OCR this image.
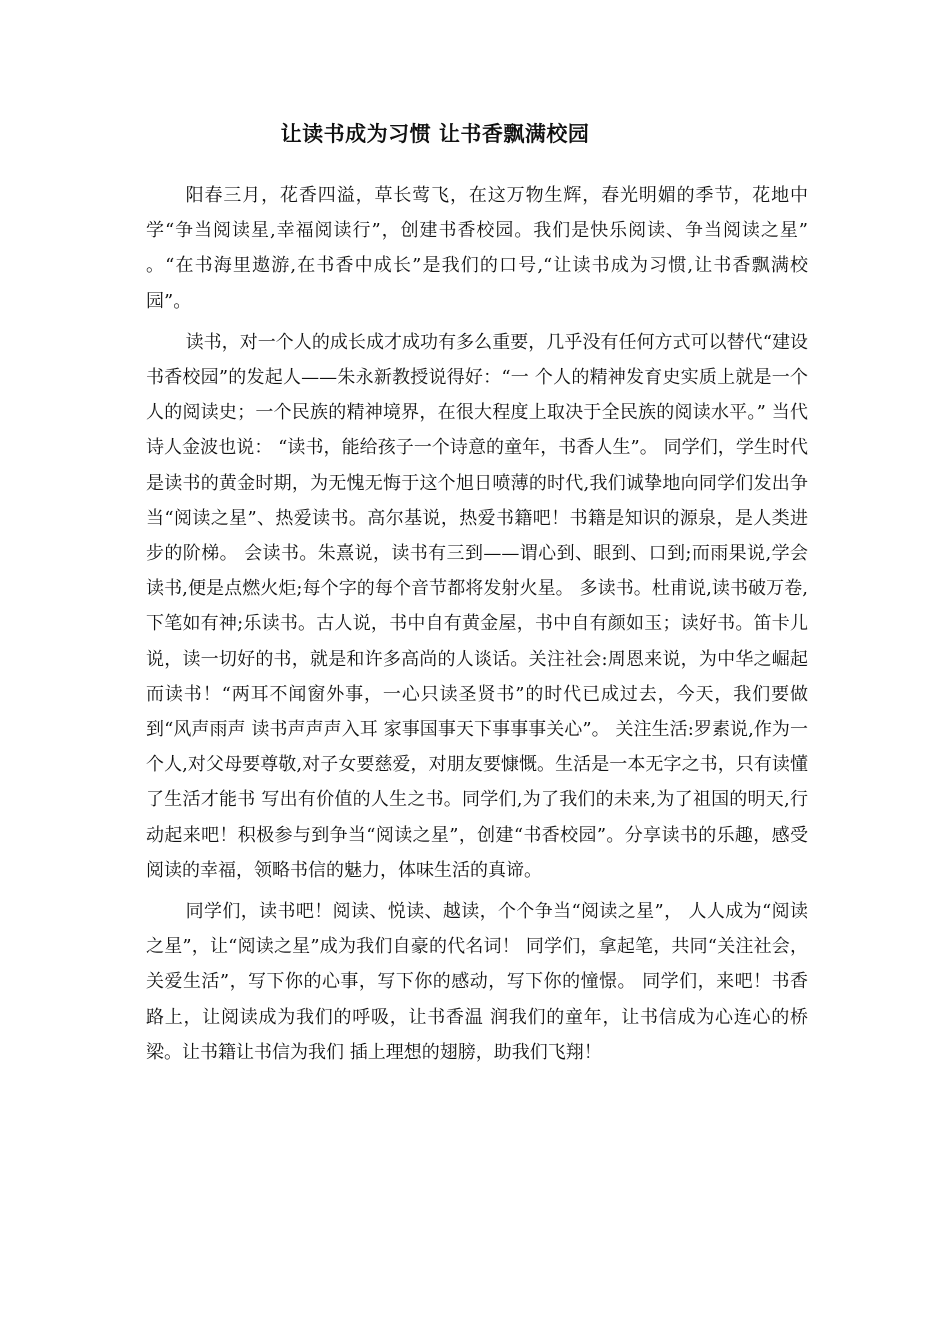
让读书成为习惯 让书香飘满校园

阳春三月，花香四溢，草长莺飞，在这万物生辉，春光明媚的季节，花地中学“争当阅读星,幸福阅读行”，创建书香校园。我们是快乐阅读、争当阅读之星” 。“在书海里遨游,在书香中成长”是我们的口号,“让读书成为习惯,让书香飘满校园”。

读书，对一个人的成长成才成功有多么重要，几乎没有任何方式可以替代“建设书香校园”的发起人——朱永新教授说得好：“一 个人的精神发育史实质上就是一个人的阅读史；一个民族的精神境界，在很大程度上取决于全民族的阅读水平。” 当代诗人金波也说： “读书，能给孩子一个诗意的童年，书香人生”。 同学们，学生时代是读书的黄金时期，为无愧无悔于这个旭日喷薄的时代,我们诚挚地向同学们发出争当“阅读之星”、热爱读书。高尔基说，热爱书籍吧！书籍是知识的源泉，是人类进步的阶梯。 会读书。朱熹说，读书有三到——谓心到、眼到、口到;而雨果说,学会读书,便是点燃火炬;每个字的每个音节都将发射火星。 多读书。杜甫说,读书破万卷,下笔如有神;乐读书。古人说，书中自有黄金屋，书中自有颜如玉；读好书。笛卡儿说，读一切好的书，就是和许多高尚的人谈话。关注社会:周恩来说，为中华之崛起而读书！“两耳不闻窗外事，一心只读圣贤书”的时代已成过去，今天，我们要做到“风声雨声 读书声声声入耳 家事国事天下事事事关心”。 关注生活:罗素说,作为一个人,对父母要尊敬,对子女要慈爱，对朋友要慷慨。生活是一本无字之书，只有读懂了生活才能书 写出有价值的人生之书。同学们,为了我们的未来,为了祖国的明天,行动起来吧！积极参与到争当“阅读之星”，创建“书香校园”。分享读书的乐趣，感受阅读的幸福，领略书信的魅力，体味生活的真谛。

同学们，读书吧！阅读、悦读、越读，个个争当“阅读之星”， 人人成为“阅读之星”，让“阅读之星”成为我们自豪的代名词！ 同学们，拿起笔，共同“关注社会，关爱生活”，写下你的心事，写下你的感动，写下你的憧憬。 同学们，来吧！书香路上，让阅读成为我们的呼吸，让书香温 润我们的童年，让书信成为心连心的桥梁。让书籍让书信为我们 插上理想的翅膀，助我们飞翔！
